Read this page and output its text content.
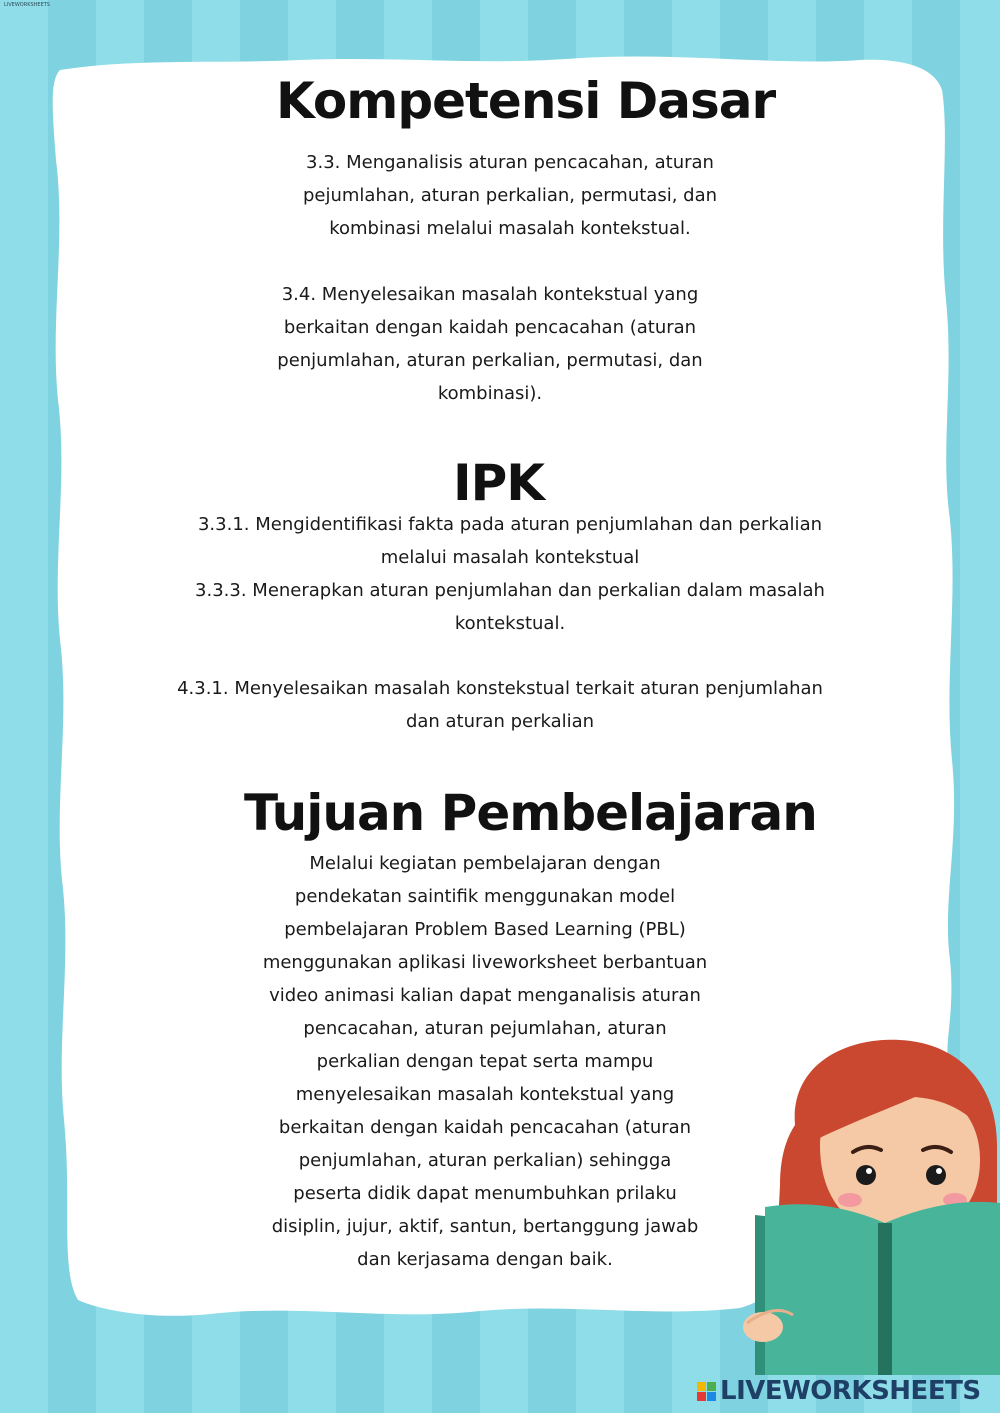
LIVEWORKSHEETS
Kompetensi Dasar
3.3. Menganalisis aturan pencacahan, aturan
pejumlahan, aturan perkalian, permutasi, dan
kombinasi melalui masalah kontekstual.
3.4. Menyelesaikan masalah kontekstual yang
berkaitan dengan kaidah pencacahan (aturan
penjumlahan, aturan perkalian, permutasi, dan
kombinasi).
IPK
3.3.1. Mengidentifikasi fakta pada aturan penjumlahan dan perkalian
melalui masalah kontekstual
3.3.3. Menerapkan aturan penjumlahan dan perkalian dalam masalah
kontekstual.
4.3.1. Menyelesaikan masalah konstekstual terkait aturan penjumlahan
dan aturan perkalian
Tujuan Pembelajaran
Melalui kegiatan pembelajaran dengan
pendekatan saintifik menggunakan model
pembelajaran Problem Based Learning (PBL)
menggunakan aplikasi liveworksheet berbantuan
video animasi kalian dapat menganalisis aturan
pencacahan, aturan pejumlahan, aturan
perkalian dengan tepat serta mampu
menyelesaikan masalah kontekstual yang
berkaitan dengan kaidah pencacahan (aturan
penjumlahan, aturan perkalian) sehingga
peserta didik dapat menumbuhkan prilaku
disiplin, jujur, aktif, santun, bertanggung jawab
dan kerjasama dengan baik.
LIVEWORKSHEETS
